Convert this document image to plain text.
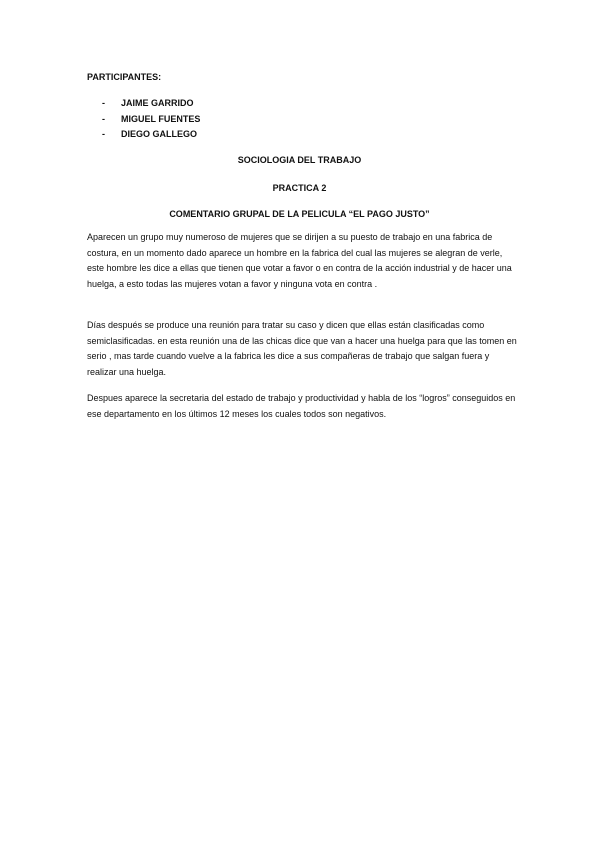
PARTICIPANTES:
-	JAIME GARRIDO
-	MIGUEL FUENTES
-	DIEGO GALLEGO
SOCIOLOGIA DEL TRABAJO
PRACTICA 2
COMENTARIO GRUPAL DE LA PELICULA “EL PAGO JUSTO”

Aparecen un grupo muy numeroso de mujeres que se dirijen a su puesto de trabajo en una fabrica de costura, en un momento dado aparece un hombre en la fabrica del cual las mujeres se alegran de verle, este hombre les dice a ellas que tienen que votar a favor o en contra de la acción industrial y de hacer una huelga, a esto todas las mujeres votan a favor y ninguna vota en contra .

Días después se produce una reunión para tratar su caso y dicen que ellas están clasificadas como semiclasificadas. en esta reunión una de las chicas dice que van a hacer una huelga para que las tomen en serio , mas tarde cuando vuelve a la fabrica les dice a sus compañeras de trabajo que salgan fuera y realizar una huelga.

Despues aparece la secretaria del estado de trabajo y productividad y habla de los “logros” conseguidos en ese departamento en los últimos 12 meses los cuales todos son negativos.
